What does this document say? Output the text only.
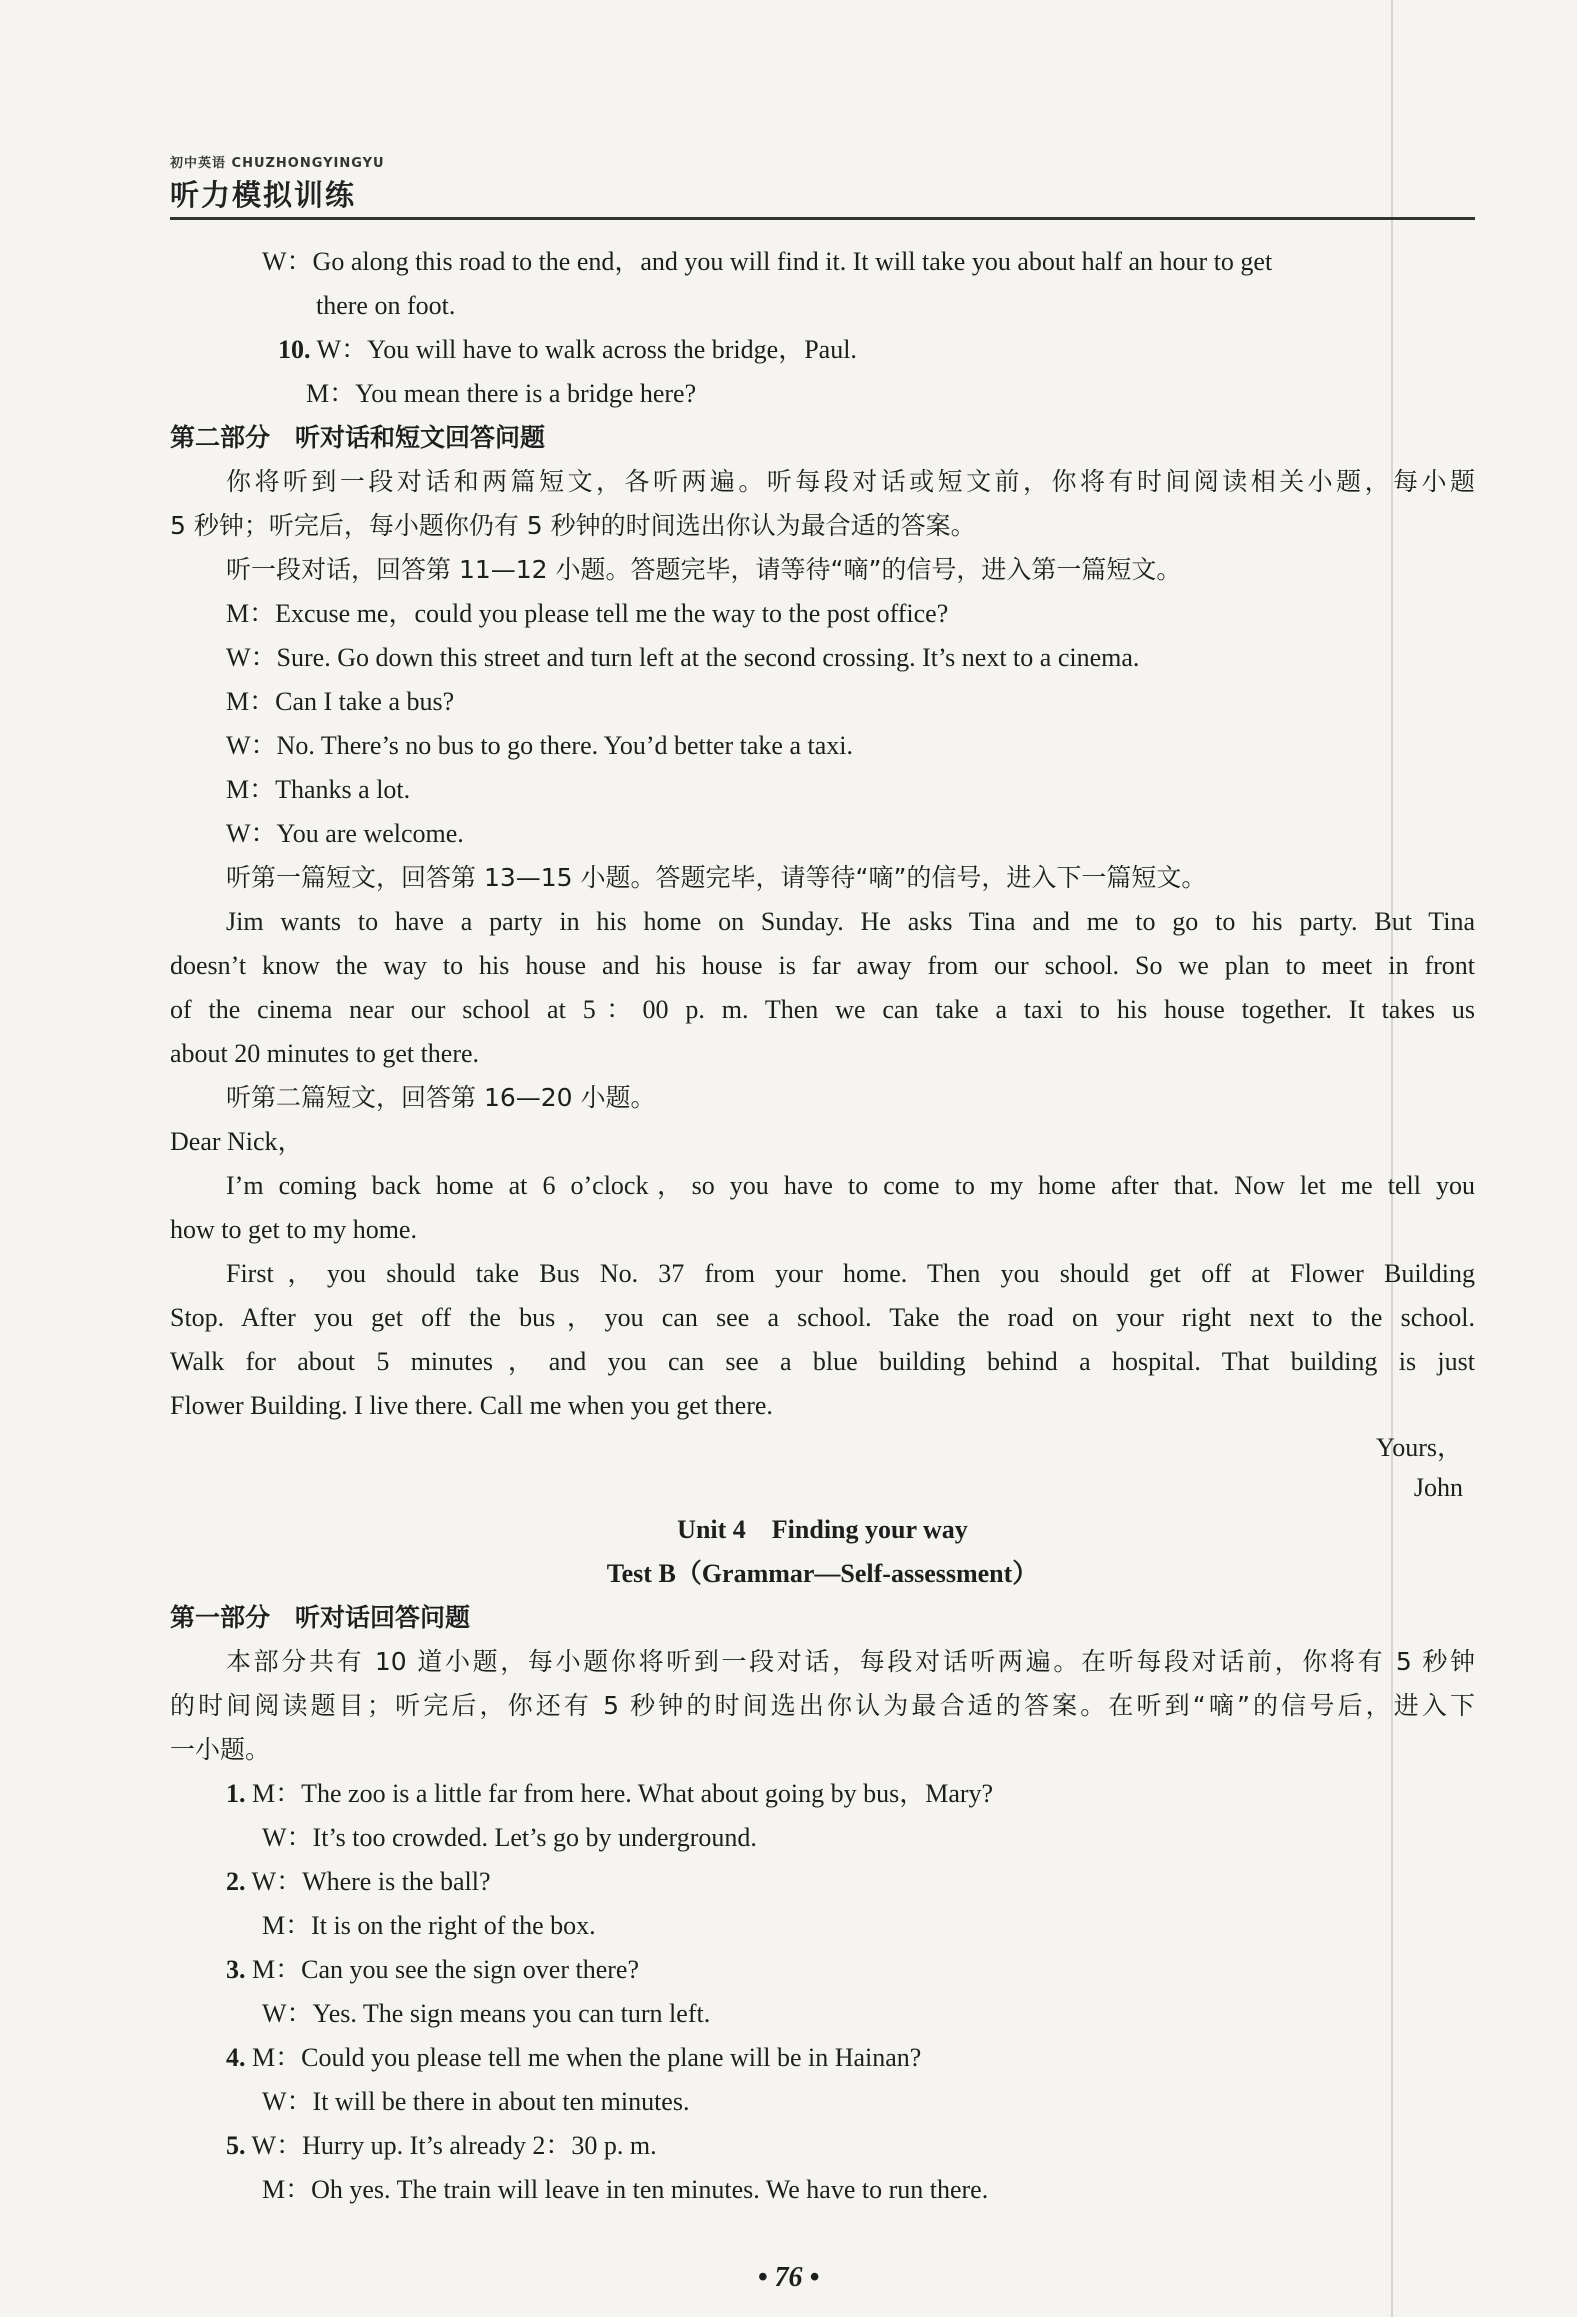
初中英语 CHUZHONGYINGYU
听力模拟训练
W：Go along this road to the end，and you will find it. It will take you about half an hour to get
there on foot.
10. W：You will have to walk across the bridge，Paul.
M：You mean there is a bridge here?
第二部分　听对话和短文回答问题
你将听到一段对话和两篇短文，各听两遍。听每段对话或短文前，你将有时间阅读相关小题，每小题
5 秒钟；听完后，每小题你仍有 5 秒钟的时间选出你认为最合适的答案。
听一段对话，回答第 11—12 小题。答题完毕，请等待“嘀”的信号，进入第一篇短文。
M：Excuse me，could you please tell me the way to the post office?
W：Sure. Go down this street and turn left at the second crossing. It’s next to a cinema.
M：Can I take a bus?
W：No. There’s no bus to go there. You’d better take a taxi.
M：Thanks a lot.
W：You are welcome.
听第一篇短文，回答第 13—15 小题。答题完毕，请等待“嘀”的信号，进入下一篇短文。
Jim wants to have a party in his home on Sunday. He asks Tina and me to go to his party. But Tina
doesn’t know the way to his house and his house is far away from our school. So we plan to meet in front
of the cinema near our school at 5：00 p. m. Then we can take a taxi to his house together. It takes us
about 20 minutes to get there.
听第二篇短文，回答第 16—20 小题。
Dear Nick，
I’m coming back home at 6 o’clock，so you have to come to my home after that. Now let me tell you
how to get to my home.
First，you should take Bus No. 37 from your home. Then you should get off at Flower Building
Stop. After you get off the bus，you can see a school. Take the road on your right next to the school.
Walk for about 5 minutes，and you can see a blue building behind a hospital. That building is just
Flower Building. I live there. Call me when you get there.
Yours，
John
Unit 4　Finding your way
Test B（Grammar—Self-assessment）
第一部分　听对话回答问题
本部分共有 10 道小题，每小题你将听到一段对话，每段对话听两遍。在听每段对话前，你将有 5 秒钟
的时间阅读题目；听完后，你还有 5 秒钟的时间选出你认为最合适的答案。在听到“嘀”的信号后，进入下
一小题。
1. M：The zoo is a little far from here. What about going by bus，Mary?
W：It’s too crowded. Let’s go by underground.
2. W：Where is the ball?
M：It is on the right of the box.
3. M：Can you see the sign over there?
W：Yes. The sign means you can turn left.
4. M：Could you please tell me when the plane will be in Hainan?
W：It will be there in about ten minutes.
5. W：Hurry up. It’s already 2：30 p. m.
M：Oh yes. The train will leave in ten minutes. We have to run there.
• 76 •
